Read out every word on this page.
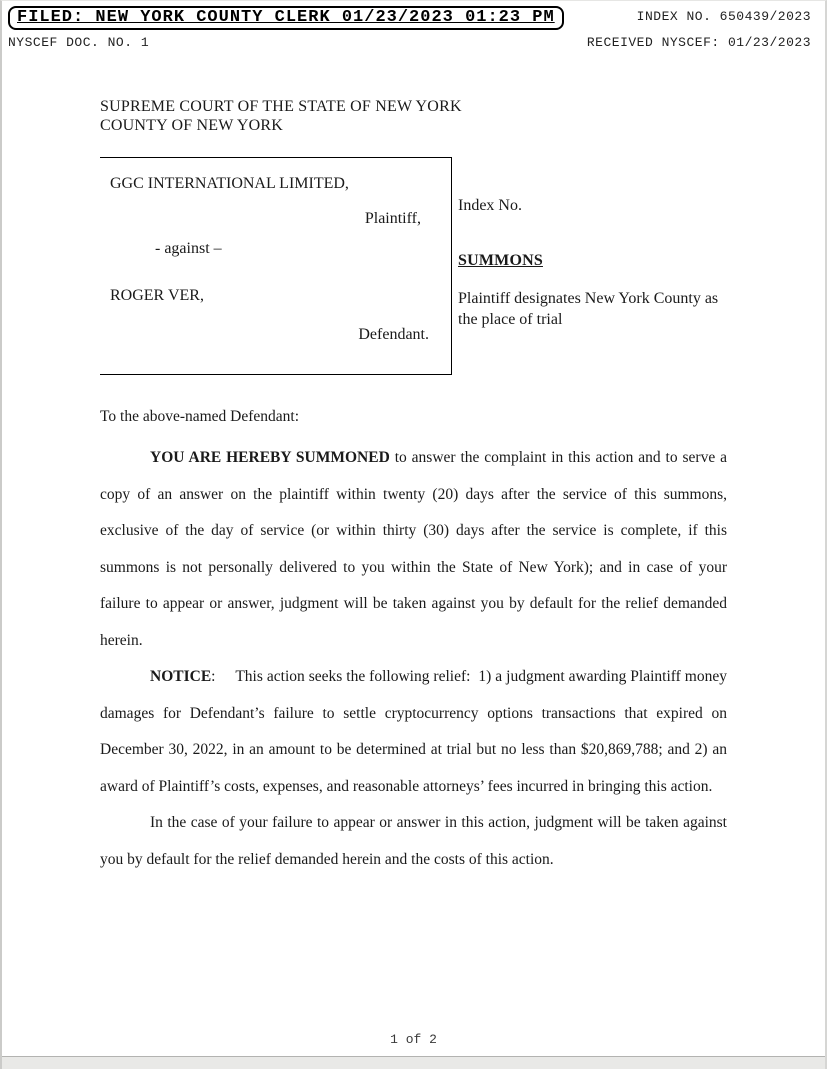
FILED: NEW YORK COUNTY CLERK 01/23/2023 01:23 PM	INDEX NO. 650439/2023
NYSCEF DOC. NO. 1	RECEIVED NYSCEF: 01/23/2023
SUPREME COURT OF THE STATE OF NEW YORK
COUNTY OF NEW YORK
GGC INTERNATIONAL LIMITED,
Plaintiff,
- against –
ROGER VER,
Defendant.
Index No.
SUMMONS
Plaintiff designates New York County as the place of trial
To the above-named Defendant:

YOU ARE HEREBY SUMMONED to answer the complaint in this action and to serve a copy of an answer on the plaintiff within twenty (20) days after the service of this summons, exclusive of the day of service (or within thirty (30) days after the service is complete, if this summons is not personally delivered to you within the State of New York); and in case of your failure to appear or answer, judgment will be taken against you by default for the relief demanded herein.

NOTICE:     This action seeks the following relief:  1) a judgment awarding Plaintiff money damages for Defendant’s failure to settle cryptocurrency options transactions that expired on December 30, 2022, in an amount to be determined at trial but no less than $20,869,788; and 2) an award of Plaintiff’s costs, expenses, and reasonable attorneys’ fees incurred in bringing this action.

In the case of your failure to appear or answer in this action, judgment will be taken against you by default for the relief demanded herein and the costs of this action.

1 of 2
